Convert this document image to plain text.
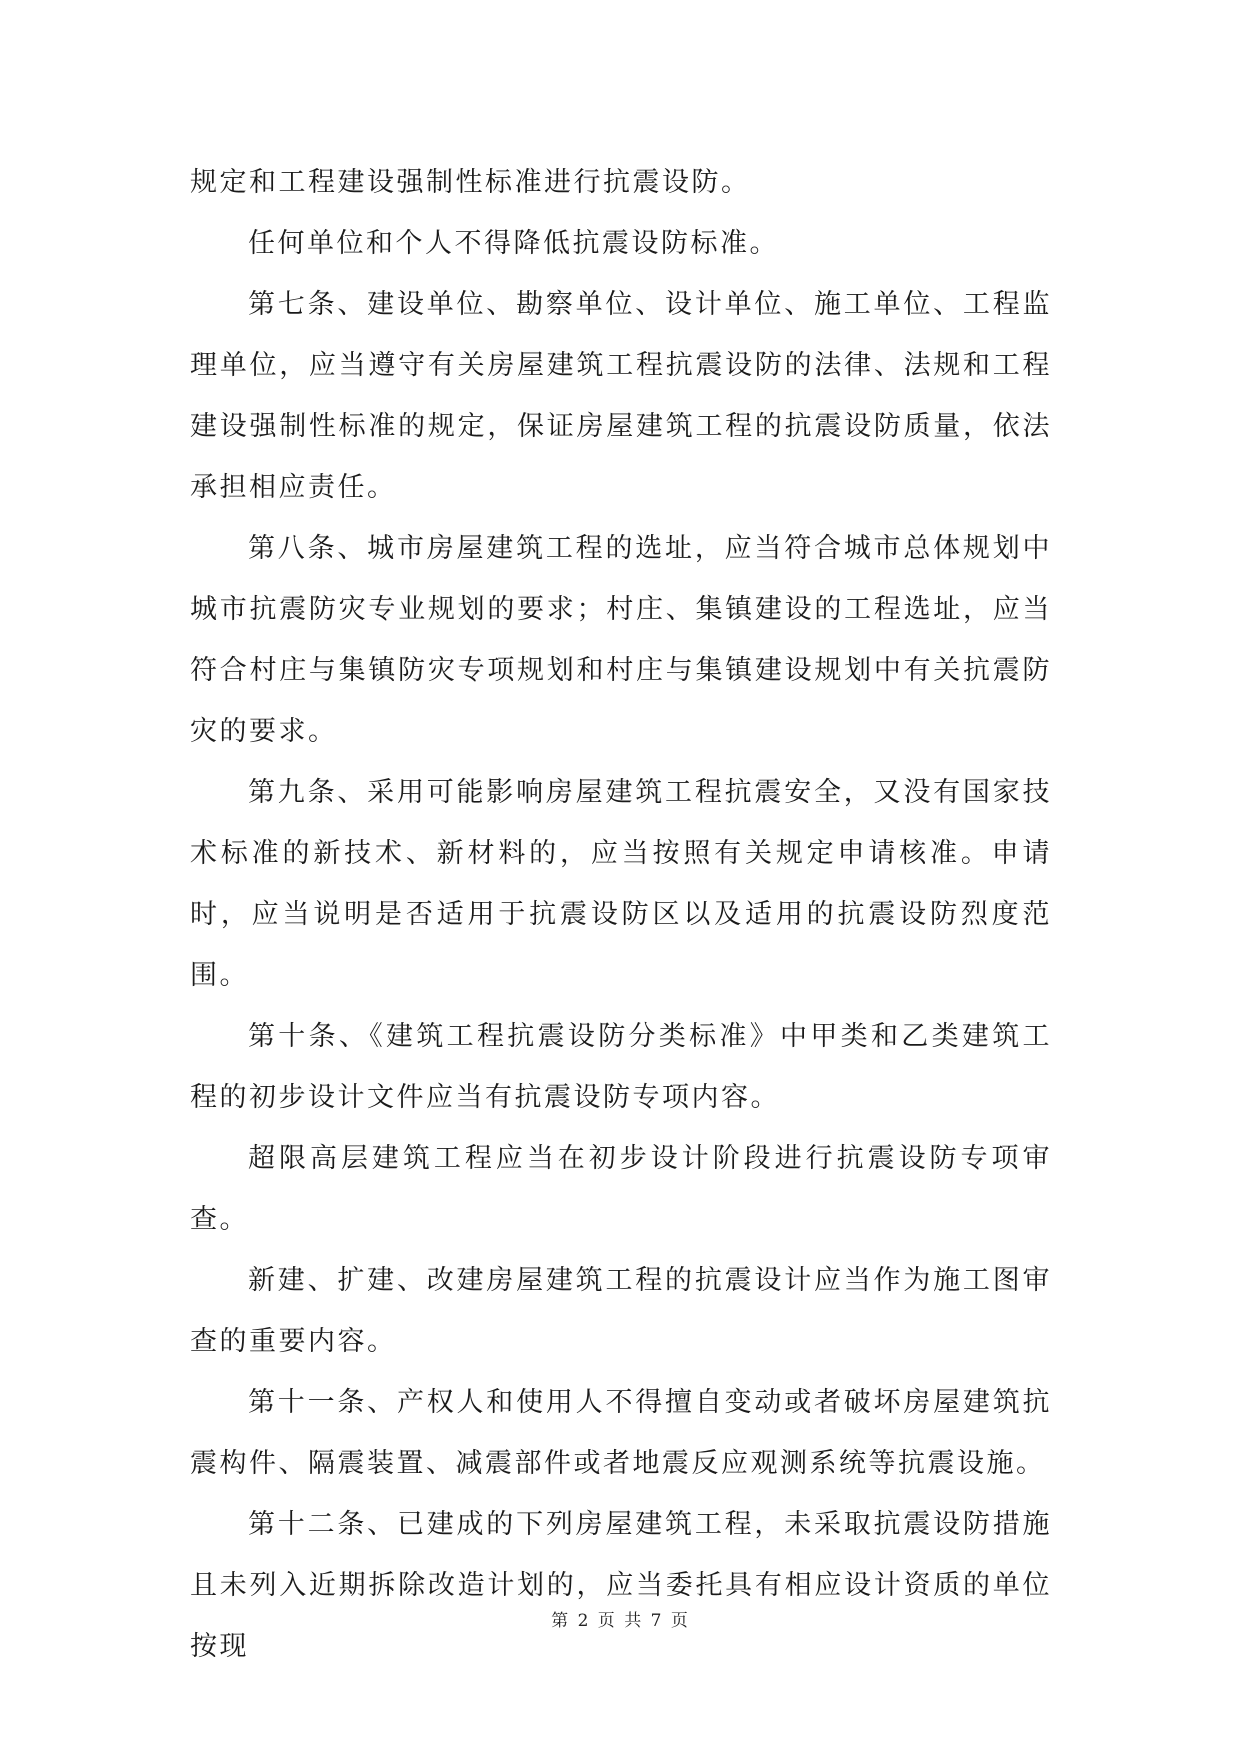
规定和工程建设强制性标准进行抗震设防。

任何单位和个人不得降低抗震设防标准。

第七条、建设单位、勘察单位、设计单位、施工单位、工程监理单位，应当遵守有关房屋建筑工程抗震设防的法律、法规和工程建设强制性标准的规定，保证房屋建筑工程的抗震设防质量，依法承担相应责任。

第八条、城市房屋建筑工程的选址，应当符合城市总体规划中城市抗震防灾专业规划的要求；村庄、集镇建设的工程选址，应当符合村庄与集镇防灾专项规划和村庄与集镇建设规划中有关抗震防灾的要求。

第九条、采用可能影响房屋建筑工程抗震安全，又没有国家技术标准的新技术、新材料的，应当按照有关规定申请核准。申请时，应当说明是否适用于抗震设防区以及适用的抗震设防烈度范围。

第十条、《建筑工程抗震设防分类标准》中甲类和乙类建筑工程的初步设计文件应当有抗震设防专项内容。

超限高层建筑工程应当在初步设计阶段进行抗震设防专项审查。

新建、扩建、改建房屋建筑工程的抗震设计应当作为施工图审查的重要内容。

第十一条、产权人和使用人不得擅自变动或者破坏房屋建筑抗震构件、隔震装置、减震部件或者地震反应观测系统等抗震设施。

第十二条、已建成的下列房屋建筑工程，未采取抗震设防措施且未列入近期拆除改造计划的，应当委托具有相应设计资质的单位按现

第 2 页 共 7 页
